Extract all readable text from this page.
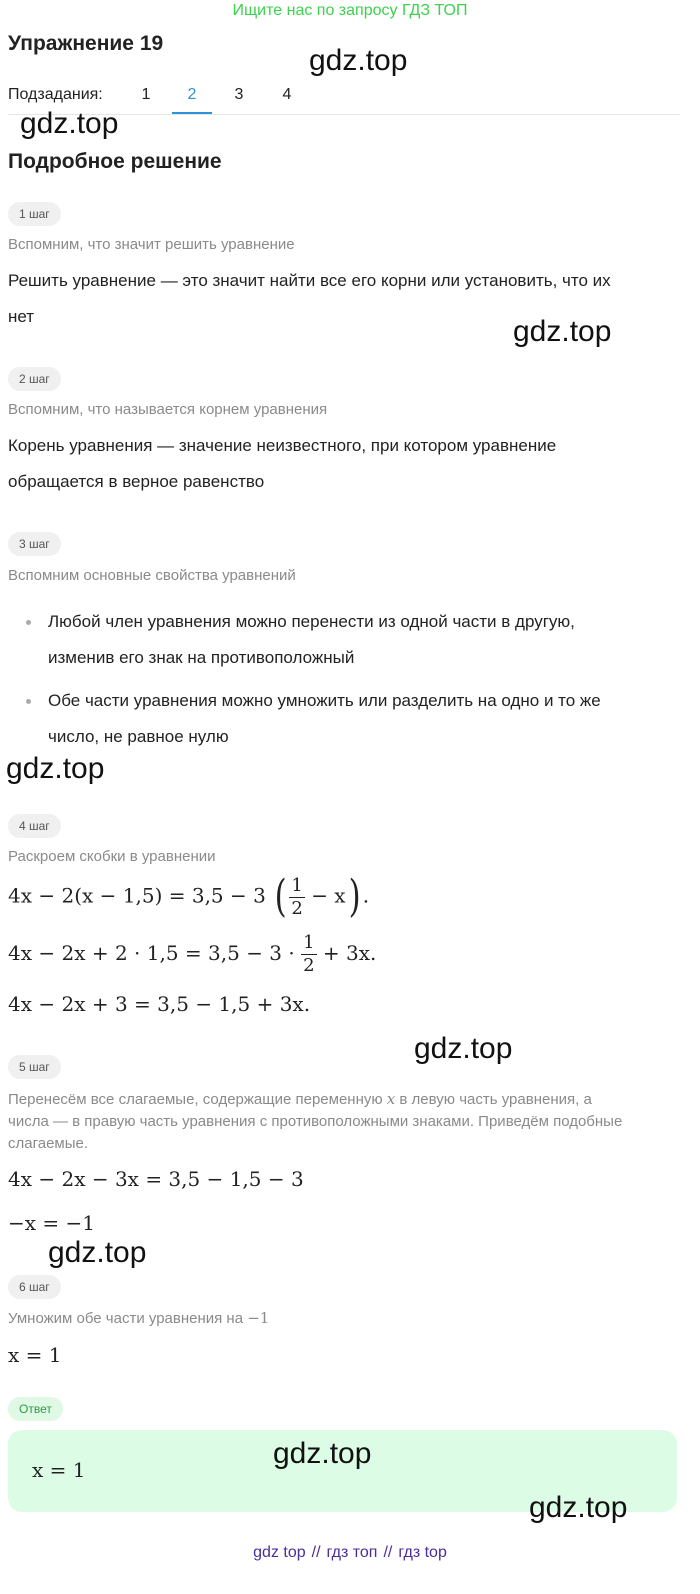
Ищите нас по запросу ГДЗ ТОП
Упражнение 19
Подзадания:	1	2	3	4
Подробное решение
1 шаг
Вспомним, что значит решить уравнение
Решить уравнение — это значит найти все его корни или установить, что их
нет
2 шаг
Вспомним, что называется корнем уравнения
Корень уравнения — значение неизвестного, при котором уравнение
обращается в верное равенство
3 шаг
Вспомним основные свойства уравнений
Любой член уравнения можно перенести из одной части в другую,
изменив его знак на противоположный
Обе части уравнения можно умножить или разделить на одно и то же
число, не равное нулю
4 шаг
Раскроем скобки в уравнении
4x − 2(x − 1,5) = 3,5 − 3 ( $\frac{1}{2} - x$) .
$4x - 2x + 2 \cdot 1,5 = 3,5 - 3 \cdot \frac{1}{2} + 3x$.
4x − 2x + 3 = 3,5 − 1,5 + 3x.
5 шаг
Перенесём все слагаемые, содержащие переменную x в левую часть уравнения, а
числа — в правую часть уравнения с противоположными знаками. Приведём подобные
слагаемые.
4x − 2x − 3x = 3,5 − 1,5 − 3
−x = −1
6 шаг
Умножим обе части уравнения на −1
x = 1
Ответ
x = 1
gdz.top
gdz.top
gdz.top
gdz.top
gdz.top
gdz.top
gdz.top
gdz.top
gdz top // гдз топ // гдз top
